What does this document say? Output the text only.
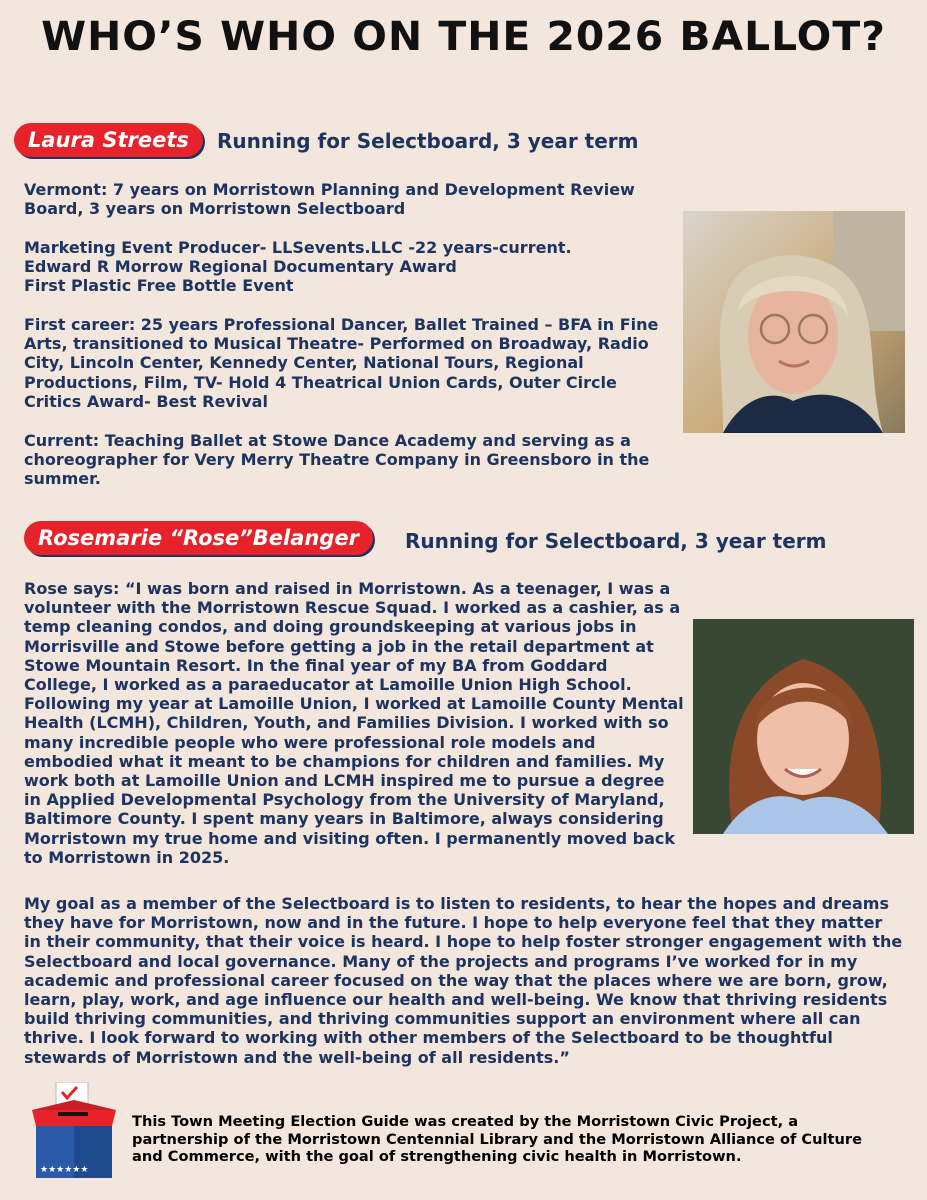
WHO’S WHO ON THE 2026 BALLOT?
Laura Streets	Running for Selectboard, 3 year term

Vermont: 7 years on Morristown Planning and Development Review Board, 3 years on Morristown Selectboard

Marketing Event Producer- LLSevents.LLC -22 years-current.
Edward R Morrow Regional Documentary Award
First Plastic Free Bottle Event

First career: 25 years Professional Dancer, Ballet Trained – BFA in Fine Arts, transitioned to Musical Theatre- Performed on Broadway, Radio City, Lincoln Center, Kennedy Center, National Tours, Regional Productions, Film, TV- Hold 4 Theatrical Union Cards, Outer Circle Critics Award- Best Revival

Current: Teaching Ballet at Stowe Dance Academy and serving as a choreographer for Very Merry Theatre Company in Greensboro in the summer.

Rosemarie “Rose”Belanger	Running for Selectboard, 3 year term

Rose says: “I was born and raised in Morristown. As a teenager, I was a volunteer with the Morristown Rescue Squad. I worked as a cashier, as a temp cleaning condos, and doing groundskeeping at various jobs in Morrisville and Stowe before getting a job in the retail department at Stowe Mountain Resort. In the final year of my BA from Goddard College, I worked as a paraeducator at Lamoille Union High School. Following my year at Lamoille Union, I worked at Lamoille County Mental Health (LCMH), Children, Youth, and Families Division. I worked with so many incredible people who were professional role models and embodied what it meant to be champions for children and families. My work both at Lamoille Union and LCMH inspired me to pursue a degree in Applied Developmental Psychology from the University of Maryland, Baltimore County. I spent many years in Baltimore, always considering Morristown my true home and visiting often. I permanently moved back to Morristown in 2025.

My goal as a member of the Selectboard is to listen to residents, to hear the hopes and dreams they have for Morristown, now and in the future. I hope to help everyone feel that they matter in their community, that their voice is heard. I hope to help foster stronger engagement with the Selectboard and local governance. Many of the projects and programs I’ve worked for in my academic and professional career focused on the way that the places where we are born, grow, learn, play, work, and age influence our health and well-being. We know that thriving residents build thriving communities, and thriving communities support an environment where all can thrive. I look forward to working with other members of the Selectboard to be thoughtful stewards of Morristown and the well-being of all residents.”

★★★★★★

This Town Meeting Election Guide was created by the Morristown Civic Project, a partnership of the Morristown Centennial Library and the Morristown Alliance of Culture and Commerce, with the goal of strengthening civic health in Morristown.
